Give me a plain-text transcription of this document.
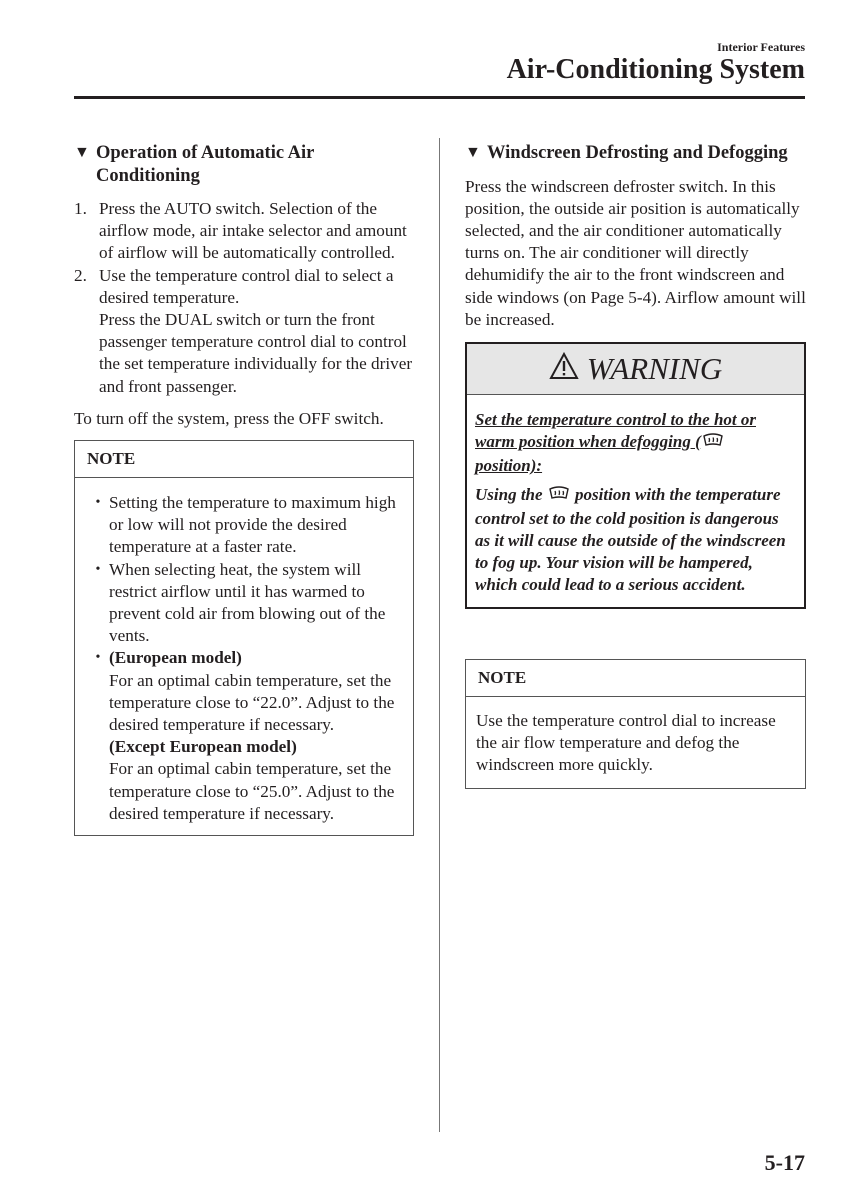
Interior Features
Air-Conditioning System
▼ Operation of Automatic Air Conditioning
1. Press the AUTO switch. Selection of the airflow mode, air intake selector and amount of airflow will be automatically controlled.
2. Use the temperature control dial to select a desired temperature.
Press the DUAL switch or turn the front passenger temperature control dial to control the set temperature individually for the driver and front passenger.

To turn off the system, press the OFF switch.

NOTE
• Setting the temperature to maximum high or low will not provide the desired temperature at a faster rate.
• When selecting heat, the system will restrict airflow until it has warmed to prevent cold air from blowing out of the vents.
• (European model)
For an optimal cabin temperature, set the temperature close to “22.0”. Adjust to the desired temperature if necessary.
(Except European model)
For an optimal cabin temperature, set the temperature close to “25.0”. Adjust to the desired temperature if necessary.
▼ Windscreen Defrosting and Defogging

Press the windscreen defroster switch. In this position, the outside air position is automatically selected, and the air conditioner automatically turns on. The air conditioner will directly dehumidify the air to the front windscreen and side windows (on Page 5-4). Airflow amount will be increased.

WARNING
Set the temperature control to the hot or warm position when defogging ( position):
Using the  position with the temperature control set to the cold position is dangerous as it will cause the outside of the windscreen to fog up. Your vision will be hampered, which could lead to a serious accident.
NOTE
Use the temperature control dial to increase the air flow temperature and defog the windscreen more quickly.
5-17
